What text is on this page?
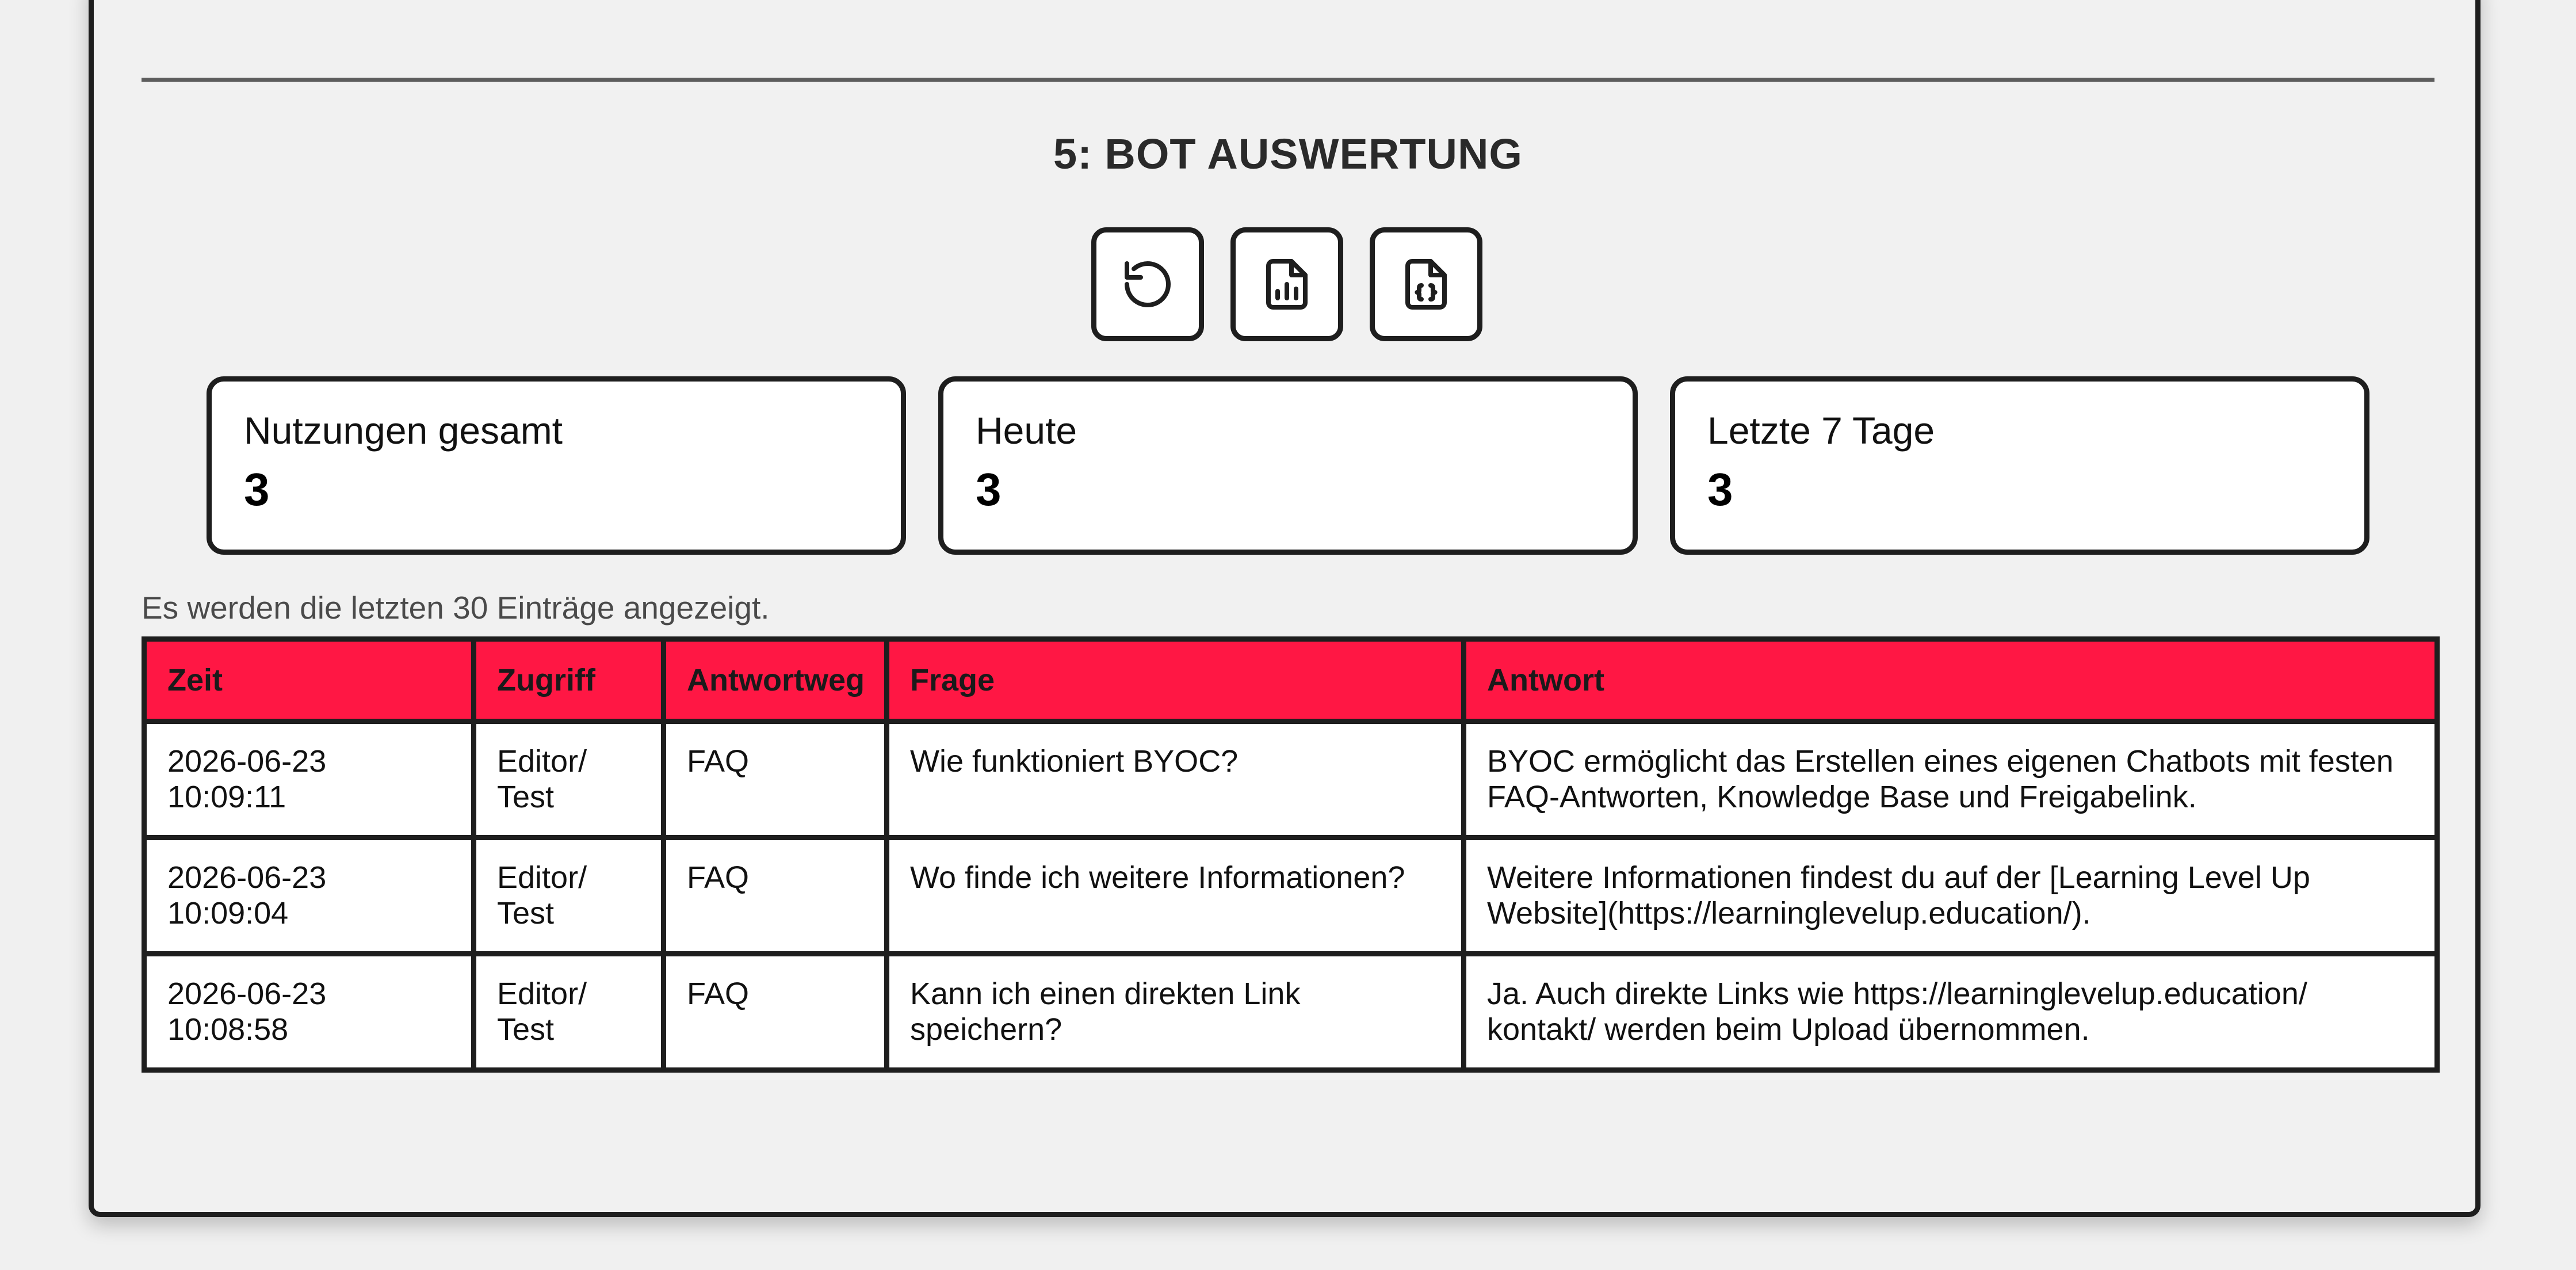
5: BOT AUSWERTUNG
Nutzungen gesamt
3
Heute
3
Letzte 7 Tage
3
Es werden die letzten 30 Einträge angezeigt.
Zeit	Zugriff	Antwortweg	Frage	Antwort
2026-06-23 10:09:11	Editor/ Test	FAQ	Wie funktioniert BYOC?	BYOC ermöglicht das Erstellen eines eigenen Chatbots mit festen FAQ-Antworten, Knowledge Base und Freigabelink.
2026-06-23 10:09:04	Editor/ Test	FAQ	Wo finde ich weitere Informationen?	Weitere Informationen findest du auf der [Learning Level Up Website](https://learninglevelup.education/).
2026-06-23 10:08:58	Editor/ Test	FAQ	Kann ich einen direkten Link speichern?	Ja. Auch direkte Links wie https://learninglevelup.education/ kontakt/ werden beim Upload übernommen.
